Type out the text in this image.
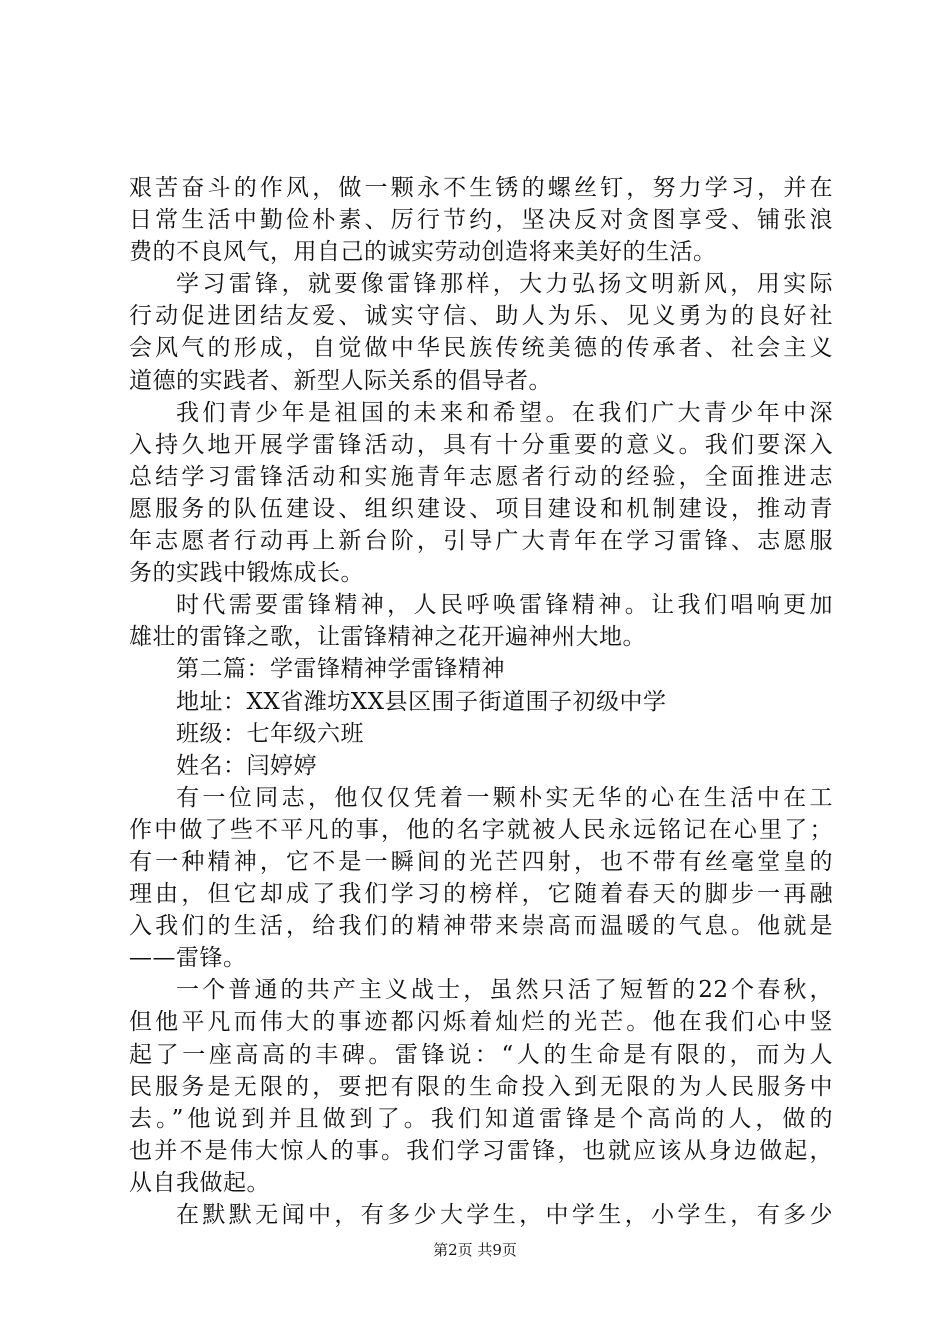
艰苦奋斗的作风，做一颗永不生锈的螺丝钉，努力学习，并在
日常生活中勤俭朴素、厉行节约，坚决反对贪图享受、铺张浪
费的不良风气，用自己的诚实劳动创造将来美好的生活。
学习雷锋，就要像雷锋那样，大力弘扬文明新风，用实际
行动促进团结友爱、诚实守信、助人为乐、见义勇为的良好社
会风气的形成，自觉做中华民族传统美德的传承者、社会主义
道德的实践者、新型人际关系的倡导者。
我们青少年是祖国的未来和希望。在我们广大青少年中深
入持久地开展学雷锋活动，具有十分重要的意义。我们要深入
总结学习雷锋活动和实施青年志愿者行动的经验，全面推进志
愿服务的队伍建设、组织建设、项目建设和机制建设，推动青
年志愿者行动再上新台阶，引导广大青年在学习雷锋、志愿服
务的实践中锻炼成长。
时代需要雷锋精神，人民呼唤雷锋精神。让我们唱响更加
雄壮的雷锋之歌，让雷锋精神之花开遍神州大地。
第二篇：学雷锋精神学雷锋精神
地址：XX省潍坊XX县区围子街道围子初级中学
班级：七年级六班
姓名：闫婷婷
有一位同志，他仅仅凭着一颗朴实无华的心在生活中在工
作中做了些不平凡的事，他的名字就被人民永远铭记在心里了；
有一种精神，它不是一瞬间的光芒四射，也不带有丝毫堂皇的
理由，但它却成了我们学习的榜样，它随着春天的脚步一再融
入我们的生活，给我们的精神带来崇高而温暖的气息。他就是
——雷锋。
一个普通的共产主义战士，虽然只活了短暂的22个春秋，
但他平凡而伟大的事迹都闪烁着灿烂的光芒。他在我们心中竖
起了一座高高的丰碑。雷锋说：“人的生命是有限的，而为人
民服务是无限的，要把有限的生命投入到无限的为人民服务中
去。”他说到并且做到了。我们知道雷锋是个高尚的人，做的
也并不是伟大惊人的事。我们学习雷锋，也就应该从身边做起，
从自我做起。
在默默无闻中，有多少大学生，中学生，小学生，有多少
第2页 共9页
